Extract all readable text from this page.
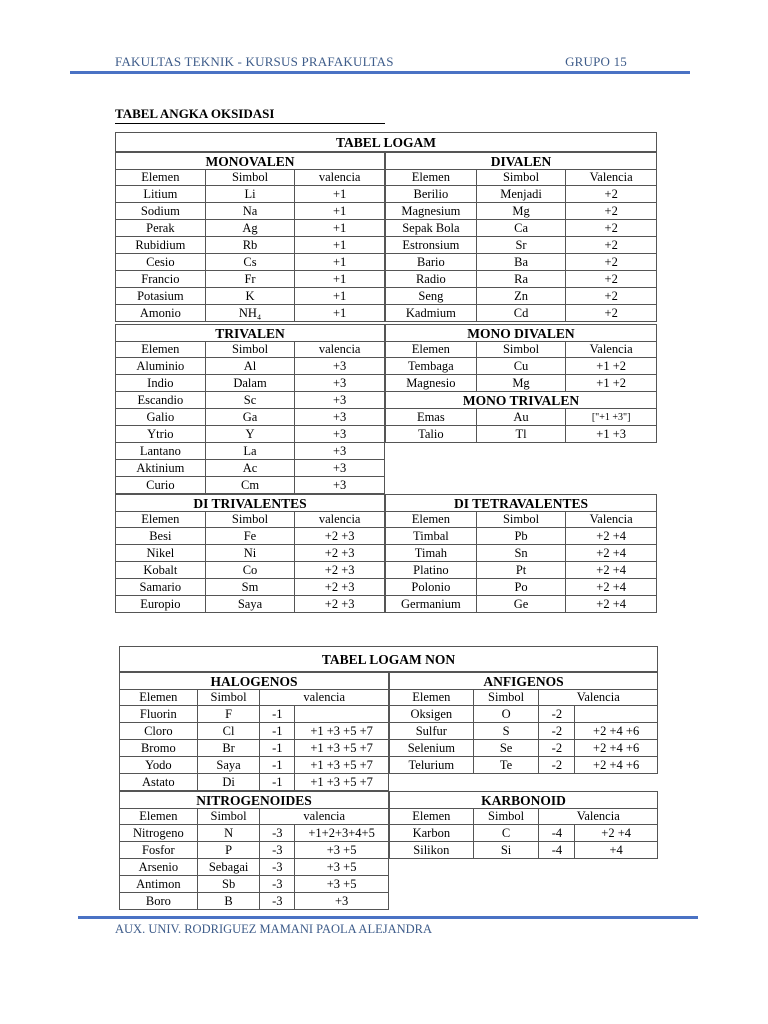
FAKULTAS TEKNIK - KURSUS PRAFAKULTAS	GRUPO 15
TABEL ANGKA OKSIDASI
TABEL LOGAM
MONOVALEN		
Elemen	Simbol	valencia
Litium	Li	+1
Sodium	Na	+1
Perak	Ag	+1
Rubidium	Rb	+1
Cesio	Cs	+1
Francio	Fr	+1
Potasium	K	+1
Amonio	NH₄	+1
DIVALEN		
Elemen	Simbol	Valencia
Berilio	Menjadi	+2
Magnesium	Mg	+2
Sepak Bola	Ca	+2
Estronsium	Sr	+2
Bario	Ba	+2
Radio	Ra	+2
Seng	Zn	+2
Kadmium	Cd	+2
TRIVALEN		
Elemen	Simbol	valencia
Aluminio	Al	+3
Indio	Dalam	+3
Escandio	Sc	+3
Galio	Ga	+3
Ytrio	Y	+3
Lantano	La	+3
Aktinium	Ac	+3
Curio	Cm	+3
MONO DIVALEN		
Elemen	Simbol	Valencia
Tembaga	Cu	+1 +2
Magnesio	Mg	+1 +2
MONO TRIVALEN		
Emas	Au	["+1 +3"]
Talio	Tl	+1 +3
DI TRIVALENTES		
Elemen	Simbol	valencia
Besi	Fe	+2 +3
Nikel	Ni	+2 +3
Kobalt	Co	+2 +3
Samario	Sm	+2 +3
Europio	Saya	+2 +3
DI TETRAVALENTES		
Elemen	Simbol	Valencia
Timbal	Pb	+2 +4
Timah	Sn	+2 +4
Platino	Pt	+2 +4
Polonio	Po	+2 +4
Germanium	Ge	+2 +4
TABEL LOGAM NON
HALOGENOS			
Elemen	Simbol	valencia	
Fluorin	F	-1	
Cloro	Cl	-1	+1 +3 +5 +7
Bromo	Br	-1	+1 +3 +5 +7
Yodo	Saya	-1	+1 +3 +5 +7
Astato	Di	-1	+1 +3 +5 +7
ANFIGENOS			
Elemen	Simbol	Valencia	
Oksigen	O	-2	
Sulfur	S	-2	+2 +4 +6
Selenium	Se	-2	+2 +4 +6
Telurium	Te	-2	+2 +4 +6
NITROGENOIDES			
Elemen	Simbol	valencia	
Nitrogeno	N	-3	+1+2+3+4+5
Fosfor	P	-3	+3 +5
Arsenio	Sebagai	-3	+3 +5
Antimon	Sb	-3	+3 +5
Boro	B	-3	+3
KARBONOID			
Elemen	Simbol	Valencia	
Karbon	C	-4	+2 +4
Silikon	Si	-4	+4
AUX. UNIV. RODRIGUEZ MAMANI PAOLA ALEJANDRA
